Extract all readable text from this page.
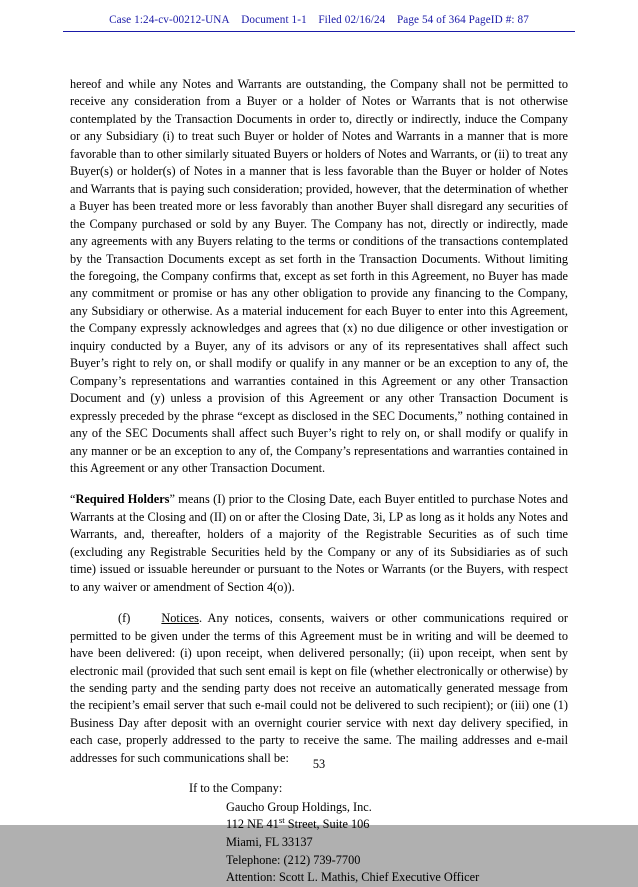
Case 1:24-cv-00212-UNA Document 1-1 Filed 02/16/24 Page 54 of 364 PageID #: 87

hereof and while any Notes and Warrants are outstanding, the Company shall not be permitted to receive any consideration from a Buyer or a holder of Notes or Warrants that is not otherwise contemplated by the Transaction Documents in order to, directly or indirectly, induce the Company or any Subsidiary (i) to treat such Buyer or holder of Notes and Warrants in a manner that is more favorable than to other similarly situated Buyers or holders of Notes and Warrants, or (ii) to treat any Buyer(s) or holder(s) of Notes in a manner that is less favorable than the Buyer or holder of Notes and Warrants that is paying such consideration; provided, however, that the determination of whether a Buyer has been treated more or less favorably than another Buyer shall disregard any securities of the Company purchased or sold by any Buyer. The Company has not, directly or indirectly, made any agreements with any Buyers relating to the terms or conditions of the transactions contemplated by the Transaction Documents except as set forth in the Transaction Documents. Without limiting the foregoing, the Company confirms that, except as set forth in this Agreement, no Buyer has made any commitment or promise or has any other obligation to provide any financing to the Company, any Subsidiary or otherwise. As a material inducement for each Buyer to enter into this Agreement, the Company expressly acknowledges and agrees that (x) no due diligence or other investigation or inquiry conducted by a Buyer, any of its advisors or any of its representatives shall affect such Buyer’s right to rely on, or shall modify or qualify in any manner or be an exception to any of, the Company’s representations and warranties contained in this Agreement or any other Transaction Document and (y) unless a provision of this Agreement or any other Transaction Document is expressly preceded by the phrase “except as disclosed in the SEC Documents,” nothing contained in any of the SEC Documents shall affect such Buyer’s right to rely on, or shall modify or qualify in any manner or be an exception to any of, the Company’s representations and warranties contained in this Agreement or any other Transaction Document.

“Required Holders” means (I) prior to the Closing Date, each Buyer entitled to purchase Notes and Warrants at the Closing and (II) on or after the Closing Date, 3i, LP as long as it holds any Notes and Warrants, and, thereafter, holders of a majority of the Registrable Securities as of such time (excluding any Registrable Securities held by the Company or any of its Subsidiaries as of such time) issued or issuable hereunder or pursuant to the Notes or Warrants (or the Buyers, with respect to any waiver or amendment of Section 4(o)).

(f)	Notices. Any notices, consents, waivers or other communications required or permitted to be given under the terms of this Agreement must be in writing and will be deemed to have been delivered: (i) upon receipt, when delivered personally; (ii) upon receipt, when sent by electronic mail (provided that such sent email is kept on file (whether electronically or otherwise) by the sending party and the sending party does not receive an automatically generated message from the recipient’s email server that such e-mail could not be delivered to such recipient); or (iii) one (1) Business Day after deposit with an overnight courier service with next day delivery specified, in each case, properly addressed to the party to receive the same. The mailing addresses and e-mail addresses for such communications shall be:

If to the Company:
Gaucho Group Holdings, Inc.
112 NE 41st Street, Suite 106
Miami, FL 33137
Telephone: (212) 739-7700
Attention: Scott L. Mathis, Chief Executive Officer
53
